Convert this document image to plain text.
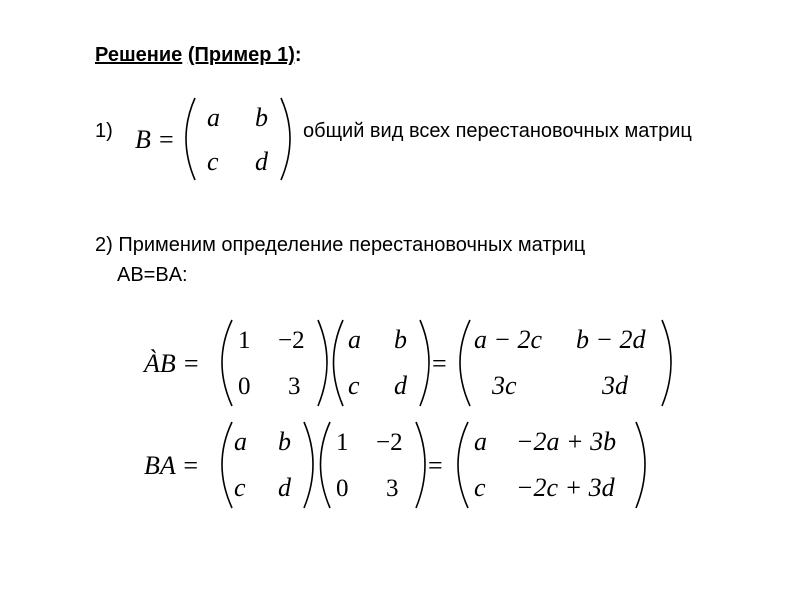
Решение (Пример 1):
1) B =
a b
c d
общий вид всех перестановочных матриц
2) Применим определение перестановочных матриц
AB=BA:
ÀB =
1 −2
0 3
a b
c d
=
a − 2c b − 2d
3c	3d
BA =
a b
c d
1 −2
0 3
=
a −2a + 3b
c −2c + 3d
